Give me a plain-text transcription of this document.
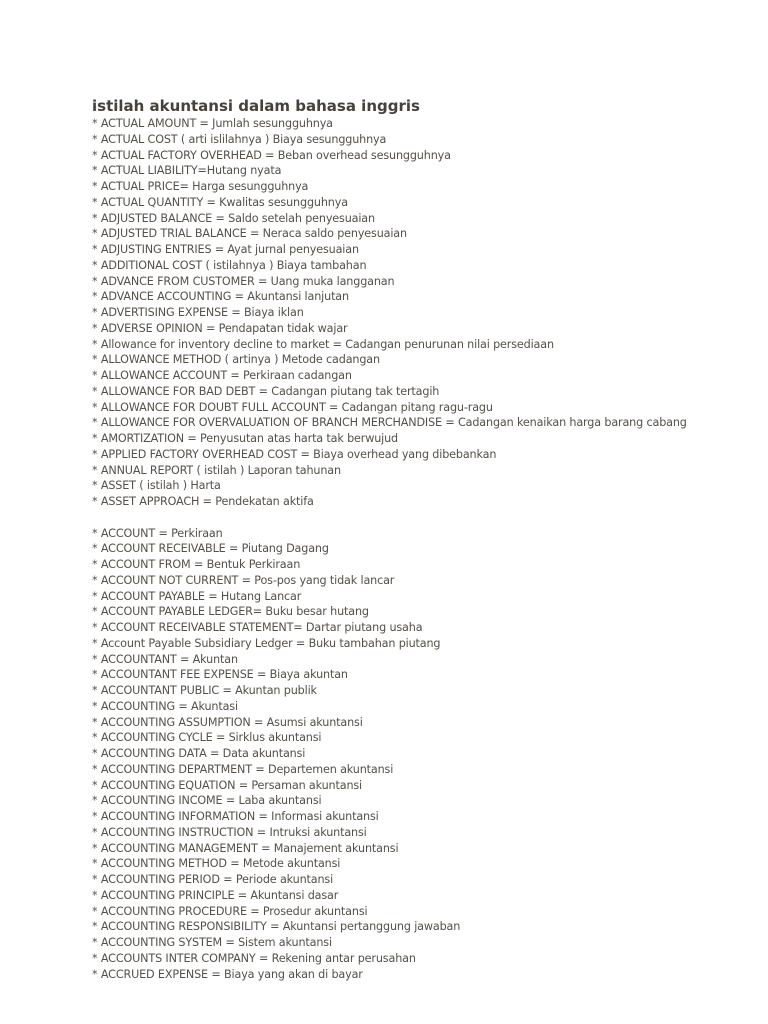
istilah akuntansi dalam bahasa inggris
* ACTUAL AMOUNT = Jumlah sesungguhnya
* ACTUAL COST ( arti islilahnya ) Biaya sesungguhnya
* ACTUAL FACTORY OVERHEAD = Beban overhead sesungguhnya
* ACTUAL LIABILITY=Hutang nyata
* ACTUAL PRICE= Harga sesungguhnya
* ACTUAL QUANTITY = Kwalitas sesungguhnya
* ADJUSTED BALANCE = Saldo setelah penyesuaian
* ADJUSTED TRIAL BALANCE = Neraca saldo penyesuaian
* ADJUSTING ENTRIES = Ayat jurnal penyesuaian
* ADDITIONAL COST ( istilahnya ) Biaya tambahan
* ADVANCE FROM CUSTOMER = Uang muka langganan
* ADVANCE ACCOUNTING = Akuntansi lanjutan
* ADVERTISING EXPENSE = Biaya iklan
* ADVERSE OPINION = Pendapatan tidak wajar
* Allowance for inventory decline to market = Cadangan penurunan nilai persediaan
* ALLOWANCE METHOD ( artinya ) Metode cadangan
* ALLOWANCE ACCOUNT = Perkiraan cadangan
* ALLOWANCE FOR BAD DEBT = Cadangan piutang tak tertagih
* ALLOWANCE FOR DOUBT FULL ACCOUNT = Cadangan pitang ragu-ragu
* ALLOWANCE FOR OVERVALUATION OF BRANCH MERCHANDISE = Cadangan kenaikan harga barang cabang
* AMORTIZATION = Penyusutan atas harta tak berwujud
* APPLIED FACTORY OVERHEAD COST = Biaya overhead yang dibebankan
* ANNUAL REPORT ( istilah ) Laporan tahunan
* ASSET ( istilah ) Harta
* ASSET APPROACH = Pendekatan aktifa
* ACCOUNT = Perkiraan
* ACCOUNT RECEIVABLE = Piutang Dagang
* ACCOUNT FROM = Bentuk Perkiraan
* ACCOUNT NOT CURRENT = Pos-pos yang tidak lancar
* ACCOUNT PAYABLE = Hutang Lancar
* ACCOUNT PAYABLE LEDGER= Buku besar hutang
* ACCOUNT RECEIVABLE STATEMENT= Dartar piutang usaha
* Account Payable Subsidiary Ledger = Buku tambahan piutang
* ACCOUNTANT = Akuntan
* ACCOUNTANT FEE EXPENSE = Biaya akuntan
* ACCOUNTANT PUBLIC = Akuntan publik
* ACCOUNTING = Akuntasi
* ACCOUNTING ASSUMPTION = Asumsi akuntansi
* ACCOUNTING CYCLE = Sirklus akuntansi
* ACCOUNTING DATA = Data akuntansi
* ACCOUNTING DEPARTMENT = Departemen akuntansi
* ACCOUNTING EQUATION = Persaman akuntansi
* ACCOUNTING INCOME = Laba akuntansi
* ACCOUNTING INFORMATION = Informasi akuntansi
* ACCOUNTING INSTRUCTION = Intruksi akuntansi
* ACCOUNTING MANAGEMENT = Manajement akuntansi
* ACCOUNTING METHOD = Metode akuntansi
* ACCOUNTING PERIOD = Periode akuntansi
* ACCOUNTING PRINCIPLE = Akuntansi dasar
* ACCOUNTING PROCEDURE = Prosedur akuntansi
* ACCOUNTING RESPONSIBILITY = Akuntansi pertanggung jawaban
* ACCOUNTING SYSTEM = Sistem akuntansi
* ACCOUNTS INTER COMPANY = Rekening antar perusahan
* ACCRUED EXPENSE = Biaya yang akan di bayar
